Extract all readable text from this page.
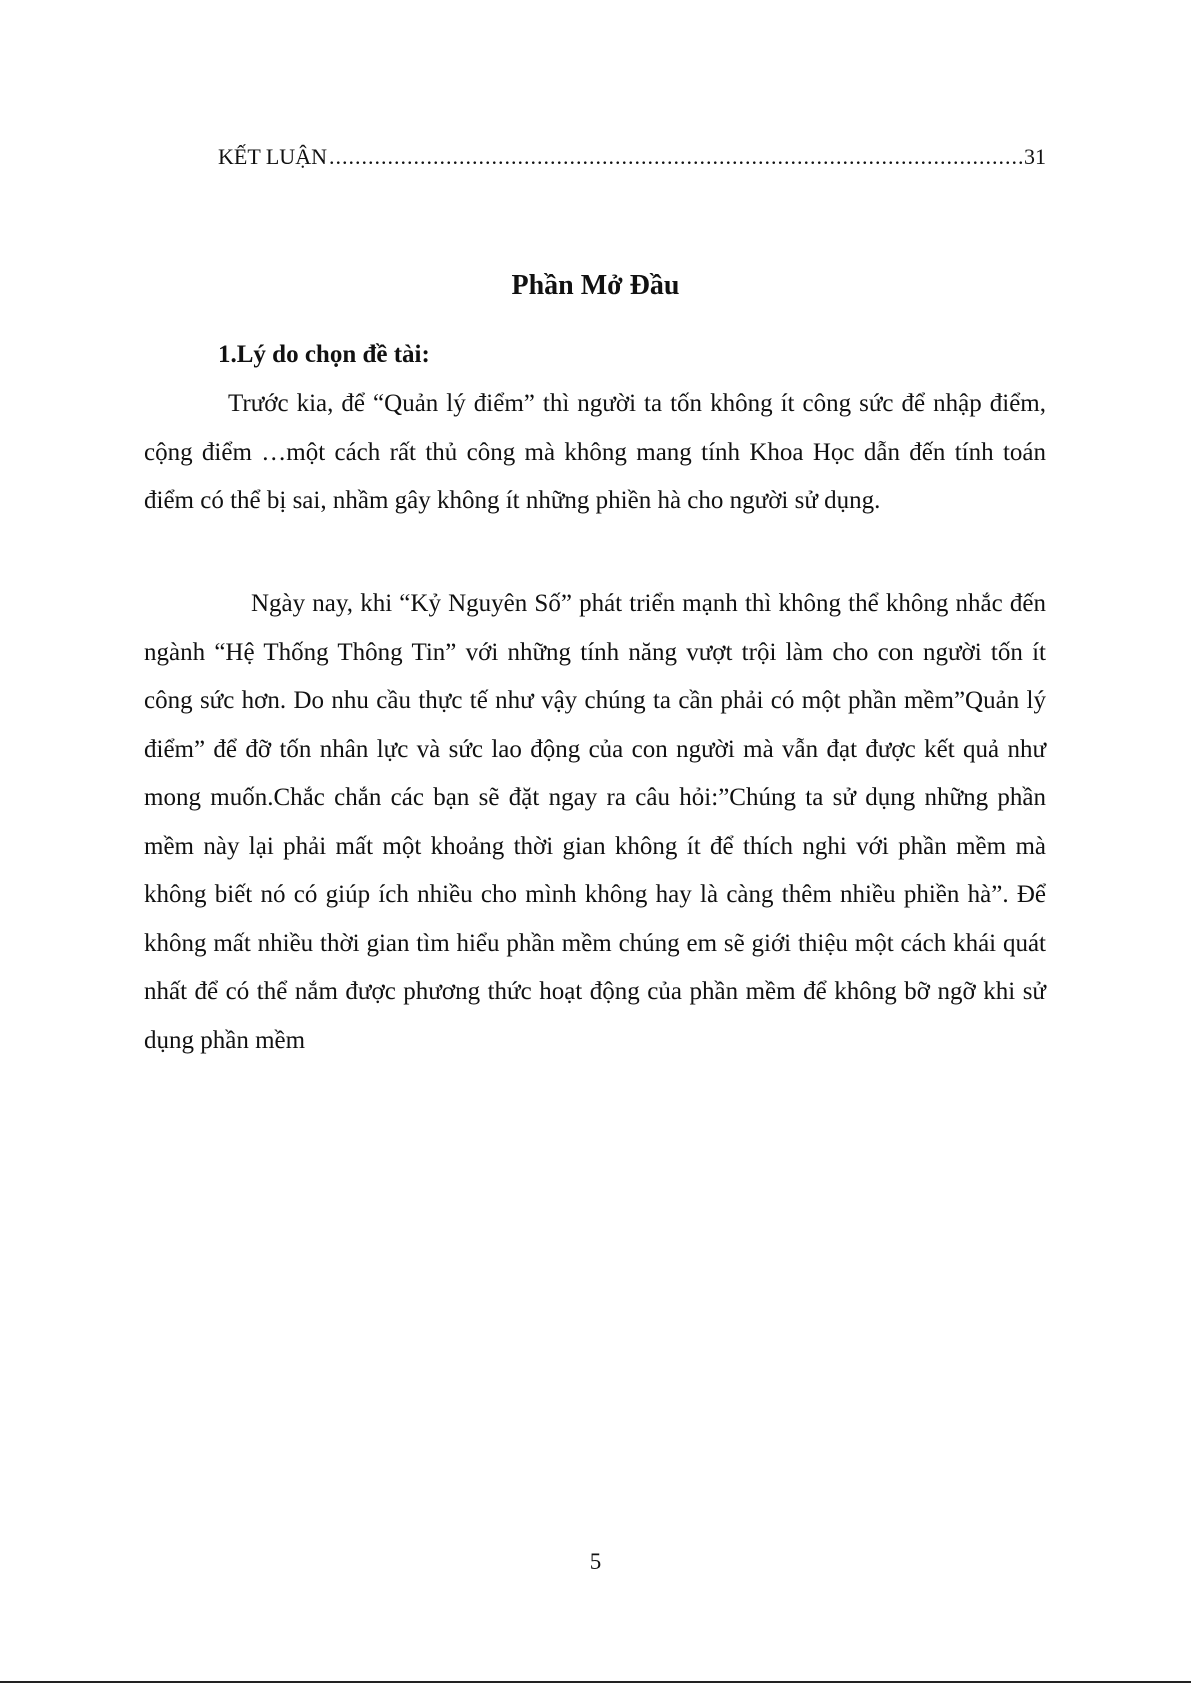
KẾT LUẬN
.....	31
Phần Mở Đầu
1.Lý do chọn đề tài:

Trước kia, để “Quản lý điểm” thì người ta tốn không ít công sức để nhập điểm, cộng điểm …một cách rất thủ công mà không mang tính Khoa Học dẫn đến tính toán điểm có thể bị sai, nhầm gây không ít những phiền hà cho người sử dụng.

Ngày nay, khi “Kỷ Nguyên Số” phát triển mạnh thì không thể không nhắc đến ngành “Hệ Thống Thông Tin” với những tính năng vượt trội làm cho con người tốn ít công sức hơn. Do nhu cầu thực tế như vậy chúng ta cần phải có một phần mềm”Quản lý điểm” để đỡ tốn nhân lực và sức lao động của con người mà vẫn đạt được kết quả như mong muốn.Chắc chắn các bạn sẽ đặt ngay ra câu hỏi:”Chúng ta sử dụng những phần mềm này lại phải mất một khoảng thời gian không ít để thích nghi với phần mềm mà không biết nó có giúp ích nhiều cho mình không hay là càng thêm nhiều phiền hà”. Để không mất nhiều thời gian tìm hiểu phần mềm chúng em sẽ giới thiệu một cách khái quát nhất để có thể nắm được phương thức hoạt động của phần mềm để không bỡ ngỡ khi sử dụng phần mềm

5
